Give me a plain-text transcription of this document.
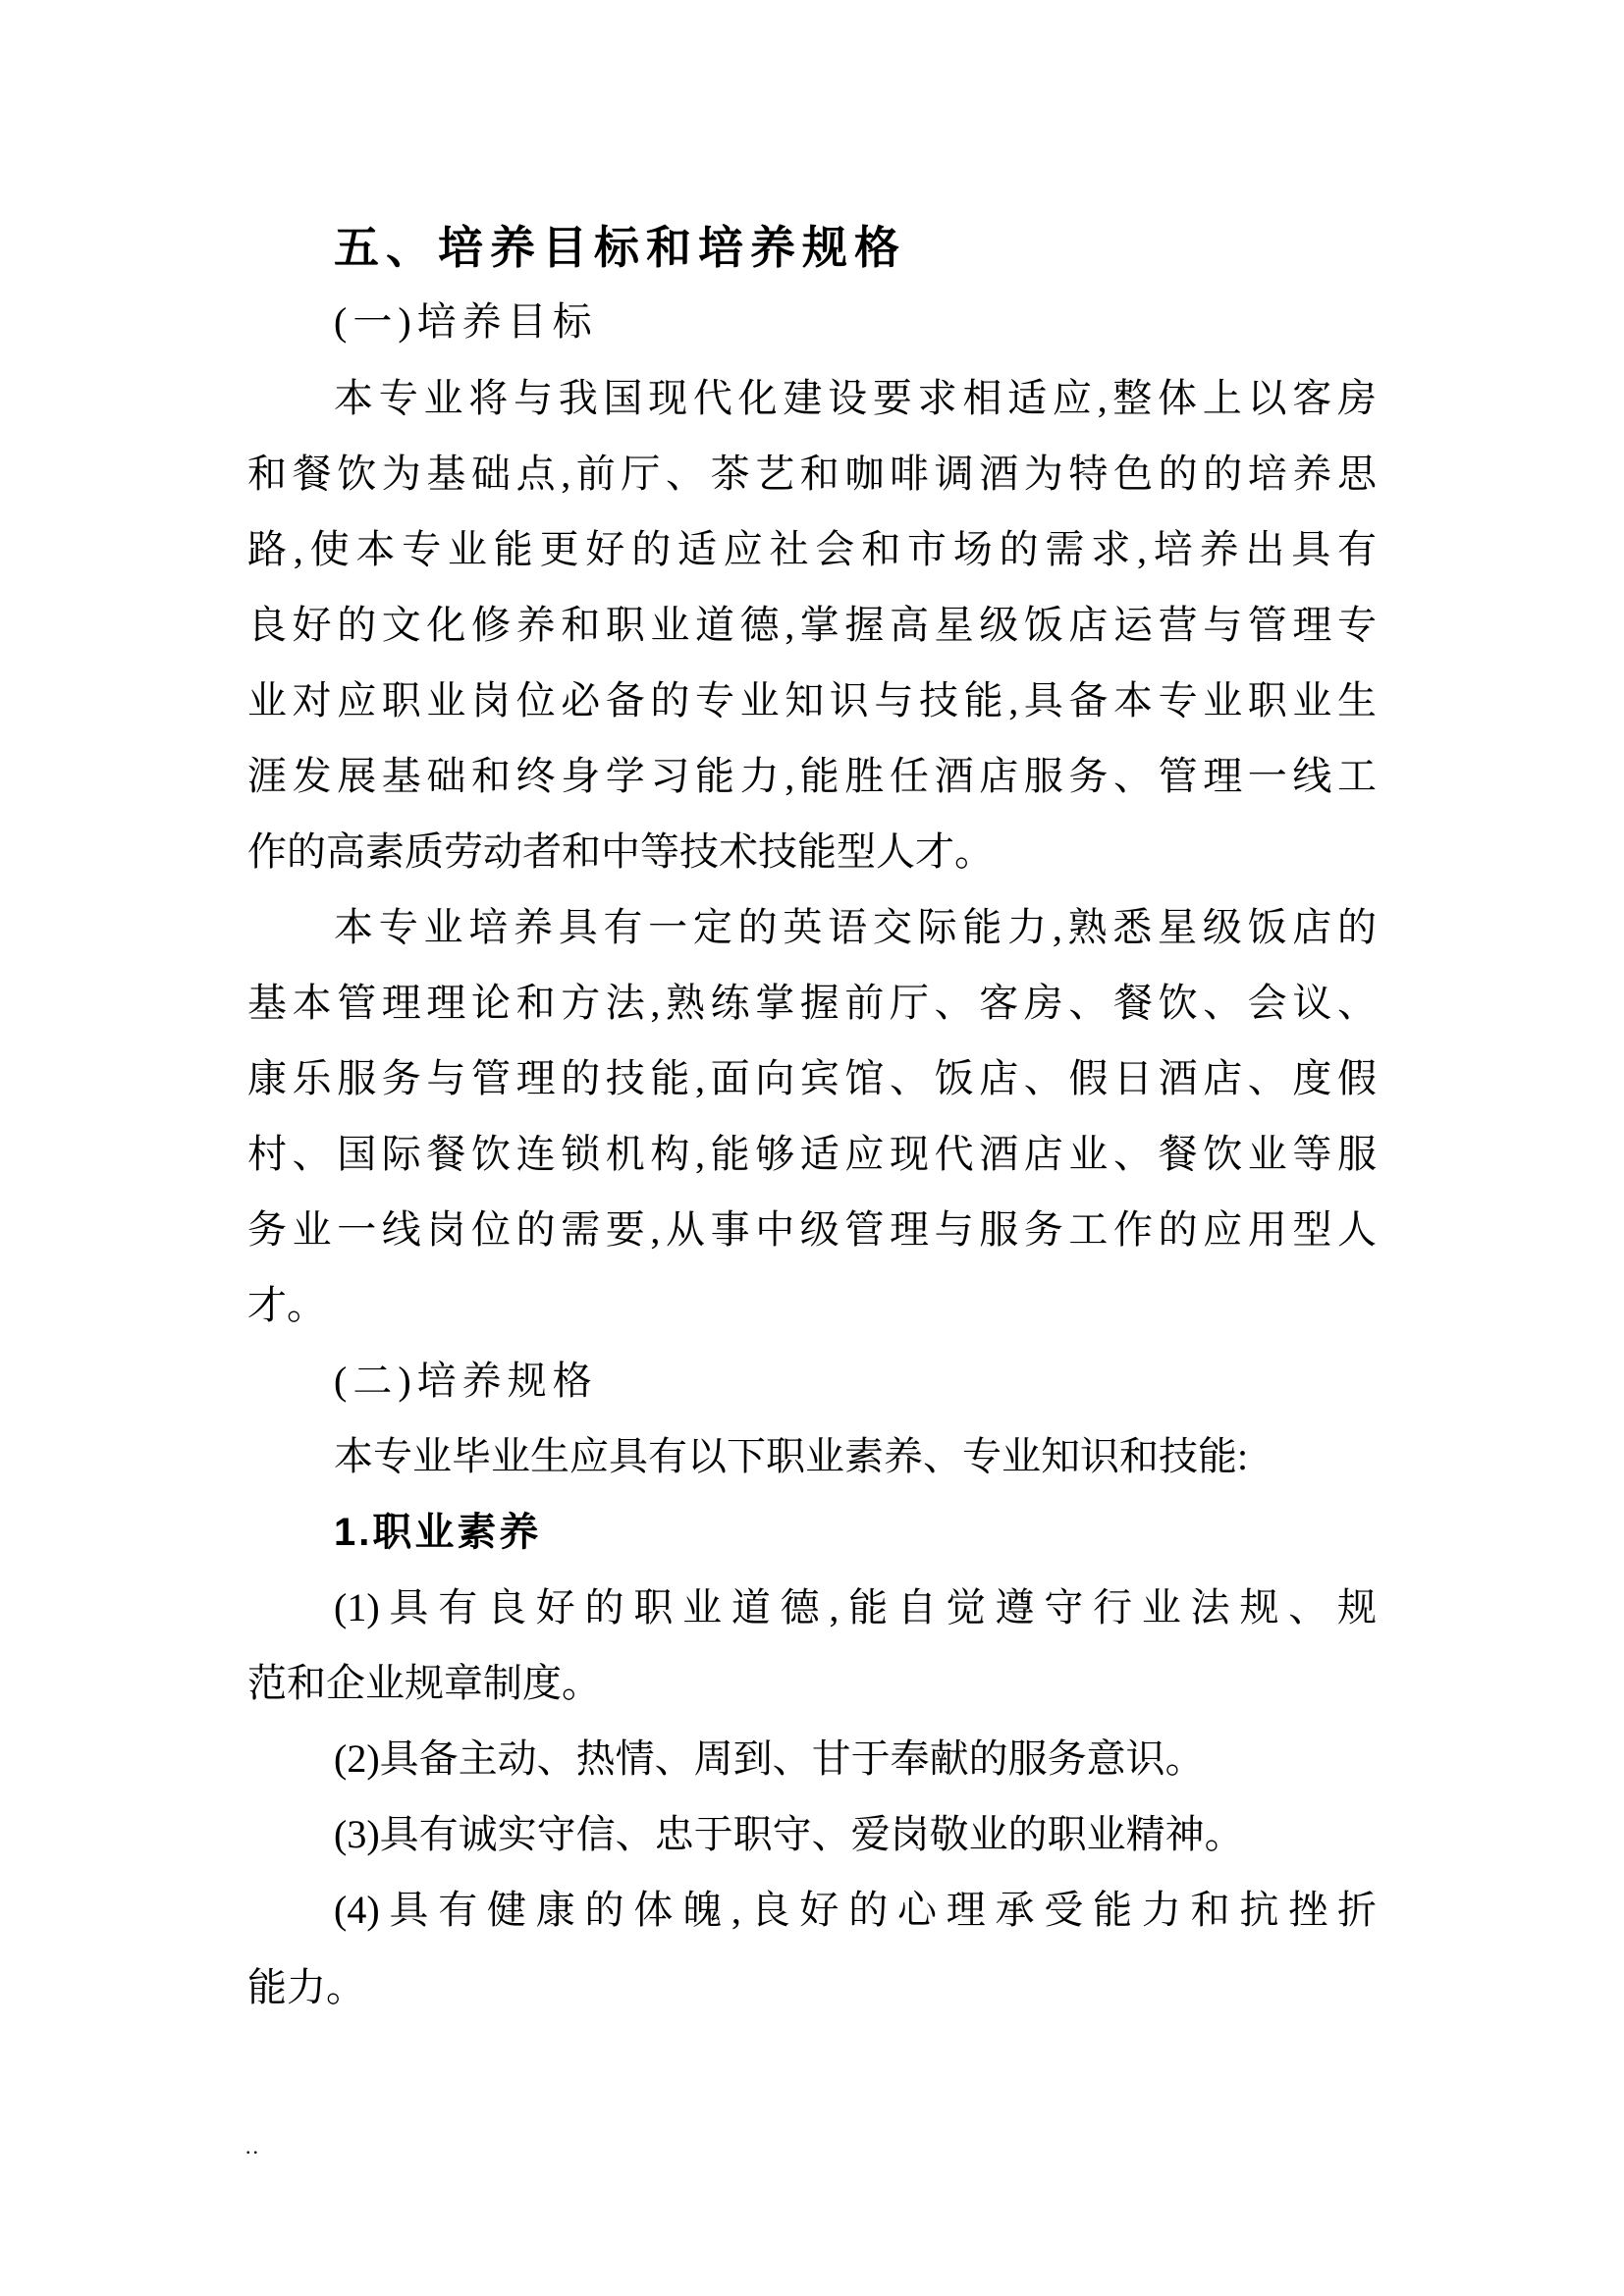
五、培养目标和培养规格
(一)培养目标
本专业将与我国现代化建设要求相适应,整体上以客房
和餐饮为基础点,前厅、茶艺和咖啡调酒为特色的的培养思
路,使本专业能更好的适应社会和市场的需求,培养出具有
良好的文化修养和职业道德,掌握高星级饭店运营与管理专
业对应职业岗位必备的专业知识与技能,具备本专业职业生
涯发展基础和终身学习能力,能胜任酒店服务、管理一线工
作的高素质劳动者和中等技术技能型人才。
本专业培养具有一定的英语交际能力,熟悉星级饭店的
基本管理理论和方法,熟练掌握前厅、客房、餐饮、会议、
康乐服务与管理的技能,面向宾馆、饭店、假日酒店、度假
村、国际餐饮连锁机构,能够适应现代酒店业、餐饮业等服
务业一线岗位的需要,从事中级管理与服务工作的应用型人
才。
(二)培养规格
本专业毕业生应具有以下职业素养、专业知识和技能:
1.职业素养
(1)具有良好的职业道德,能自觉遵守行业法规、规
范和企业规章制度。
(2)具备主动、热情、周到、甘于奉献的服务意识。
(3)具有诚实守信、忠于职守、爱岗敬业的职业精神。
(4)具有健康的体魄,良好的心理承受能力和抗挫折
能力。
..
